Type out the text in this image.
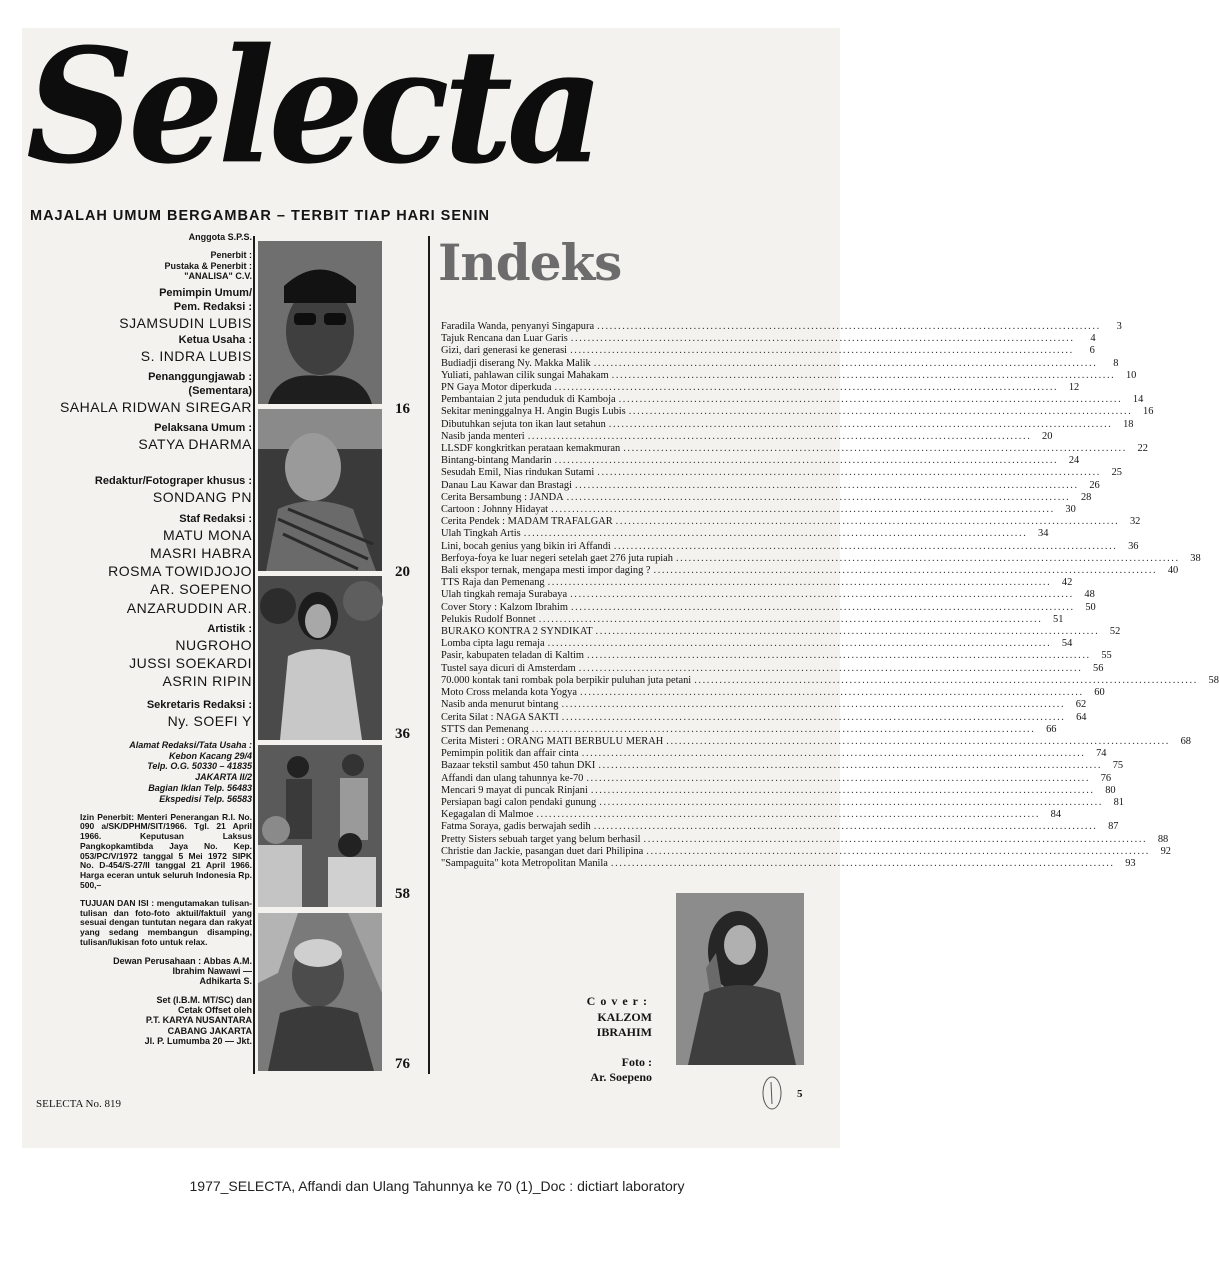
Selecta
MAJALAH UMUM BERGAMBAR – TERBIT TIAP HARI SENIN

Anggota S.P.S.

Penerbit :

Pustaka & Penerbit :

"ANALISA" C.V.

Pemimpin Umum/

Pem. Redaksi :

SJAMSUDIN LUBIS

Ketua Usaha :

S. INDRA LUBIS

Penanggungjawab :

(Sementara)

SAHALA RIDWAN SIREGAR

Pelaksana Umum :

SATYA DHARMA

Redaktur/Fotograper khusus :

SONDANG PN

Staf Redaksi :

MATU MONA

MASRI HABRA

ROSMA TOWIDJOJO

AR. SOEPENO

ANZARUDDIN AR.

Artistik :

NUGROHO

JUSSI SOEKARDI

ASRIN RIPIN

Sekretaris Redaksi :

Ny. SOEFI Y

Alamat Redaksi/Tata Usaha :

Kebon Kacang 29/4

Telp. O.G. 50330 – 41835

JAKARTA II/2

Bagian Iklan Telp. 56483

Ekspedisi Telp. 56583

Izin Penerbit: Menteri Penerangan R.I. No. 090 a/SK/DPHM/SIT/1966. Tgl. 21 April 1966. Keputusan Laksus Pangkopkamtibda Jaya No. Kep. 053/PC/V/1972 tanggal 5 Mei 1972 SIPK No. D-454/S-27/II tanggal 21 April 1966. Harga eceran untuk seluruh Indonesia Rp. 500,–

TUJUAN DAN ISI : mengutamakan tulisan-tulisan dan foto-foto aktuil/faktuil yang sesuai dengan tuntutan negara dan rakyat yang sedang membangun disamping, tulisan/lukisan foto untuk relax.

Dewan Perusahaan : Abbas A.M.

Ibrahim Nawawi —

Adhikarta S.

Set (I.B.M. MT/SC) dan

Cetak Offset oleh

P.T. KARYA NUSANTARA

CABANG JAKARTA

Jl. P. Lumumba 20 — Jkt.

16
20
36
58
76
Indeks
Faradila Wanda, penyanyi Singapura ........................................................................................................................	3
Tajuk Rencana dan Luar Garis ........................................................................................................................	4
Gizi, dari generasi ke generasi ........................................................................................................................	6
Budiadji diserang Ny. Makka Malik ........................................................................................................................	8
Yuliati, pahlawan cilik sungai Mahakam ........................................................................................................................	10
PN Gaya Motor diperkuda ........................................................................................................................	12
Pembantaian 2 juta penduduk di Kamboja ........................................................................................................................	14
Sekitar meninggalnya H. Angin Bugis Lubis ........................................................................................................................	16
Dibutuhkan sejuta ton ikan laut setahun ........................................................................................................................	18
Nasib janda menteri ........................................................................................................................	20
LLSDF kongkritkan perataan kemakmuran ........................................................................................................................	22
Bintang-bintang Mandarin ........................................................................................................................	24
Sesudah Emil, Nias rindukan Sutami ........................................................................................................................	25
Danau Lau Kawar dan Brastagi ........................................................................................................................	26
Cerita Bersambung : JANDA ........................................................................................................................	28
Cartoon : Johnny Hidayat ........................................................................................................................	30
Cerita Pendek : MADAM TRAFALGAR ........................................................................................................................	32
Ulah Tingkah Artis ........................................................................................................................	34
Lini, bocah genius yang bikin iri Affandi ........................................................................................................................	36
Berfoya-foya ke luar negeri setelah gaet 276 juta rupiah ........................................................................................................................	38
Bali ekspor ternak, mengapa mesti impor daging ? ........................................................................................................................	40
TTS Raja dan Pemenang ........................................................................................................................	42
Ulah tingkah remaja Surabaya ........................................................................................................................	48
Cover Story : Kalzom Ibrahim ........................................................................................................................	50
Pelukis Rudolf Bonnet ........................................................................................................................	51
BURAKO KONTRA 2 SYNDIKAT ........................................................................................................................	52
Lomba cipta lagu remaja ........................................................................................................................	54
Pasir, kabupaten teladan di Kaltim ........................................................................................................................	55
Tustel saya dicuri di Amsterdam ........................................................................................................................	56
70.000 kontak tani rombak pola berpikir puluhan juta petani ........................................................................................................................	58
Moto Cross melanda kota Yogya ........................................................................................................................	60
Nasib anda menurut bintang ........................................................................................................................	62
Cerita Silat : NAGA SAKTI ........................................................................................................................	64
STTS dan Pemenang ........................................................................................................................	66
Cerita Misteri : ORANG MATI BERBULU MERAH ........................................................................................................................	68
Pemimpin politik dan affair cinta ........................................................................................................................	74
Bazaar tekstil sambut 450 tahun DKI ........................................................................................................................	75
Affandi dan ulang tahunnya ke-70 ........................................................................................................................	76
Mencari 9 mayat di puncak Rinjani ........................................................................................................................	80
Persiapan bagi calon pendaki gunung ........................................................................................................................	81
Kegagalan di Malmoe ........................................................................................................................	84
Fatma Soraya, gadis berwajah sedih ........................................................................................................................	87
Pretty Sisters sebuah target yang belum berhasil ........................................................................................................................	88
Christie dan Jackie, pasangan duet dari Philipina ........................................................................................................................	92
"Sampaguita" kota Metropolitan Manila ........................................................................................................................	93
Cover:
KALZOM IBRAHIM
Foto :
Ar. Soepeno
SELECTA No. 819
5
1977_SELECTA, Affandi dan Ulang Tahunnya ke 70 (1)_Doc : dictiart laboratory
